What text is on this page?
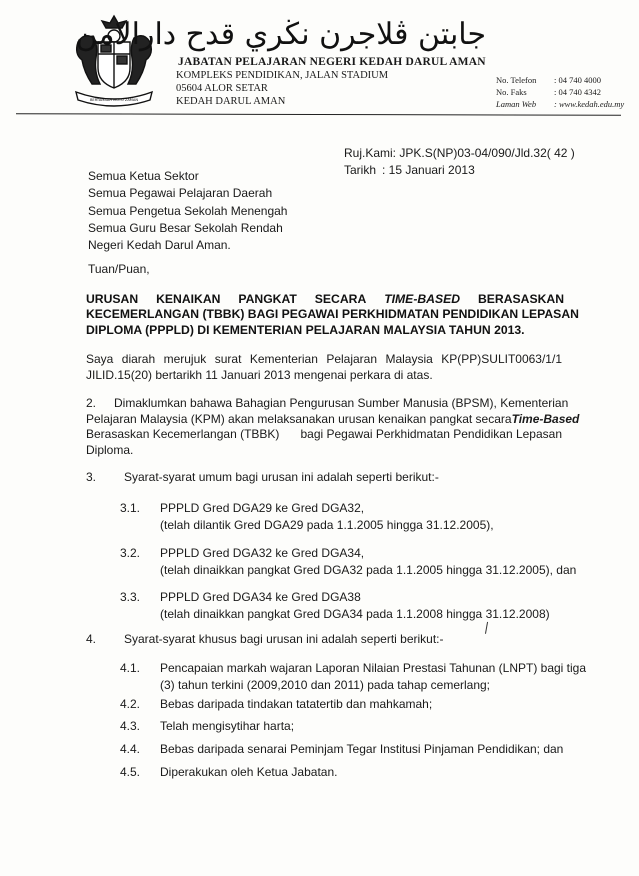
BERTAMBAH MUTU ZAMAN
جابتن ڤلاجرن نڬري قدح دارالامن
JABATAN PELAJARAN NEGERI KEDAH DARUL AMAN
KOMPLEKS PENDIDIKAN, JALAN STADIUM
05604 ALOR SETAR
KEDAH DARUL AMAN
No. Telefon : 04 740 4000
No. Faks	: 04 740 4342
Laman Web : www.kedah.edu.my
Ruj.Kami: JPK.S(NP)03-04/090/Jld.32( 42 )
Tarikh : 15 Januari 2013
Semua Ketua Sektor
Semua Pegawai Pelajaran Daerah
Semua Pengetua Sekolah Menengah
Semua Guru Besar Sekolah Rendah
Negeri Kedah Darul Aman.
Tuan/Puan,
URUSAN KENAIKAN PANGKAT SECARA TIME-BASED BERASASKAN
KECEMERLANGAN (TBBK) BAGI PEGAWAI PERKHIDMATAN PENDIDIKAN LEPASAN
DIPLOMA (PPPLD) DI KEMENTERIAN PELAJARAN MALAYSIA TAHUN 2013.
Saya diarah merujuk surat Kementerian Pelajaran Malaysia KP(PP)SULIT0063/1/1
JILID.15(20) bertarikh 11 Januari 2013 mengenai perkara di atas.
2. Dimaklumkan bahawa Bahagian Pengurusan Sumber Manusia (BPSM), Kementerian
Pelajaran Malaysia (KPM) akan melaksanakan urusan kenaikan pangkat secara Time-Based
Berasaskan Kecemerlangan (TBBK) bagi Pegawai Perkhidmatan Pendidikan Lepasan
Diploma.
3. Syarat-syarat umum bagi urusan ini adalah seperti berikut:-
3.1. PPPLD Gred DGA29 ke Gred DGA32,
(telah dilantik Gred DGA29 pada 1.1.2005 hingga 31.12.2005),
3.2. PPPLD Gred DGA32 ke Gred DGA34,
(telah dinaikkan pangkat Gred DGA32 pada 1.1.2005 hingga 31.12.2005), dan
3.3. PPPLD Gred DGA34 ke Gred DGA38
(telah dinaikkan pangkat Gred DGA34 pada 1.1.2008 hingga 31.12.2008)
4. Syarat-syarat khusus bagi urusan ini adalah seperti berikut:-
4.1. Pencapaian markah wajaran Laporan Nilaian Prestasi Tahunan (LNPT) bagi tiga
(3) tahun terkini (2009,2010 dan 2011) pada tahap cemerlang;
4.2. Bebas daripada tindakan tatatertib dan mahkamah;
4.3. Telah mengisytihar harta;
4.4. Bebas daripada senarai Peminjam Tegar Institusi Pinjaman Pendidikan; dan
4.5. Diperakukan oleh Ketua Jabatan.
